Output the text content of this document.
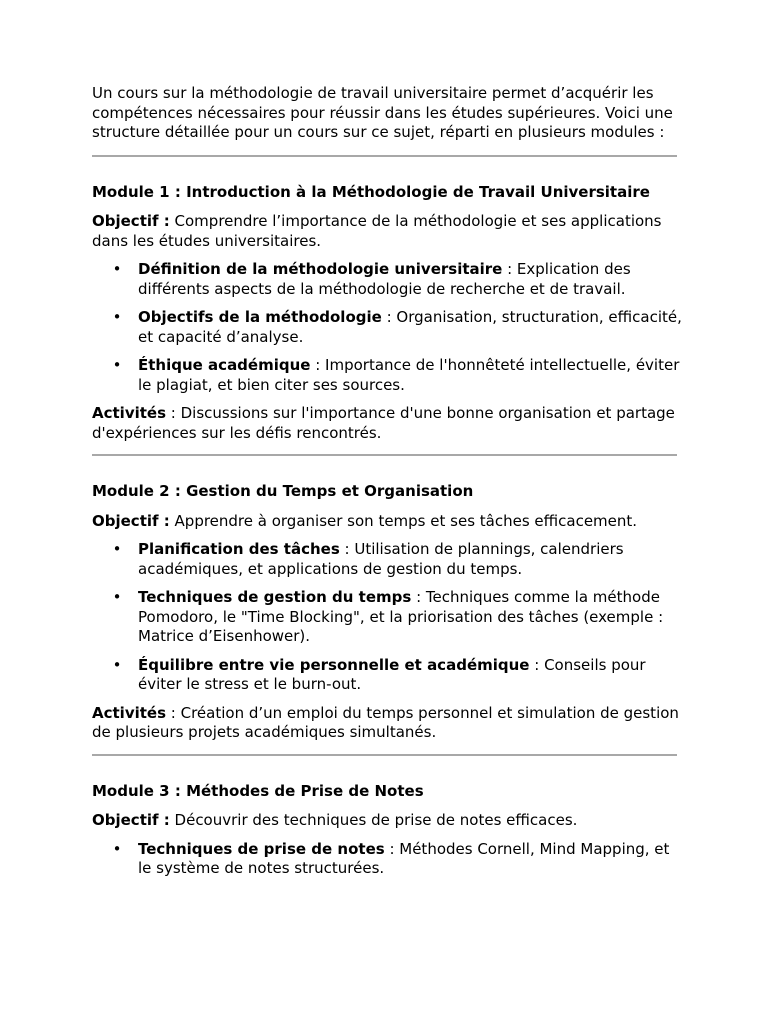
Un cours sur la méthodologie de travail universitaire permet d’acquérir les compétences nécessaires pour réussir dans les études supérieures. Voici une structure détaillée pour un cours sur ce sujet, réparti en plusieurs modules :

Module 1 : Introduction à la Méthodologie de Travail Universitaire

Objectif : Comprendre l’importance de la méthodologie et ses applications dans les études universitaires.

• Définition de la méthodologie universitaire : Explication des différents aspects de la méthodologie de recherche et de travail.
• Objectifs de la méthodologie : Organisation, structuration, efficacité, et capacité d’analyse.
• Éthique académique : Importance de l'honnêteté intellectuelle, éviter le plagiat, et bien citer ses sources.

Activités : Discussions sur l'importance d'une bonne organisation et partage d'expériences sur les défis rencontrés.

Module 2 : Gestion du Temps et Organisation

Objectif : Apprendre à organiser son temps et ses tâches efficacement.

• Planification des tâches : Utilisation de plannings, calendriers académiques, et applications de gestion du temps.
• Techniques de gestion du temps : Techniques comme la méthode Pomodoro, le "Time Blocking", et la priorisation des tâches (exemple : Matrice d’Eisenhower).
• Équilibre entre vie personnelle et académique : Conseils pour éviter le stress et le burn-out.

Activités : Création d’un emploi du temps personnel et simulation de gestion de plusieurs projets académiques simultanés.

Module 3 : Méthodes de Prise de Notes

Objectif : Découvrir des techniques de prise de notes efficaces.

• Techniques de prise de notes : Méthodes Cornell, Mind Mapping, et le système de notes structurées.
